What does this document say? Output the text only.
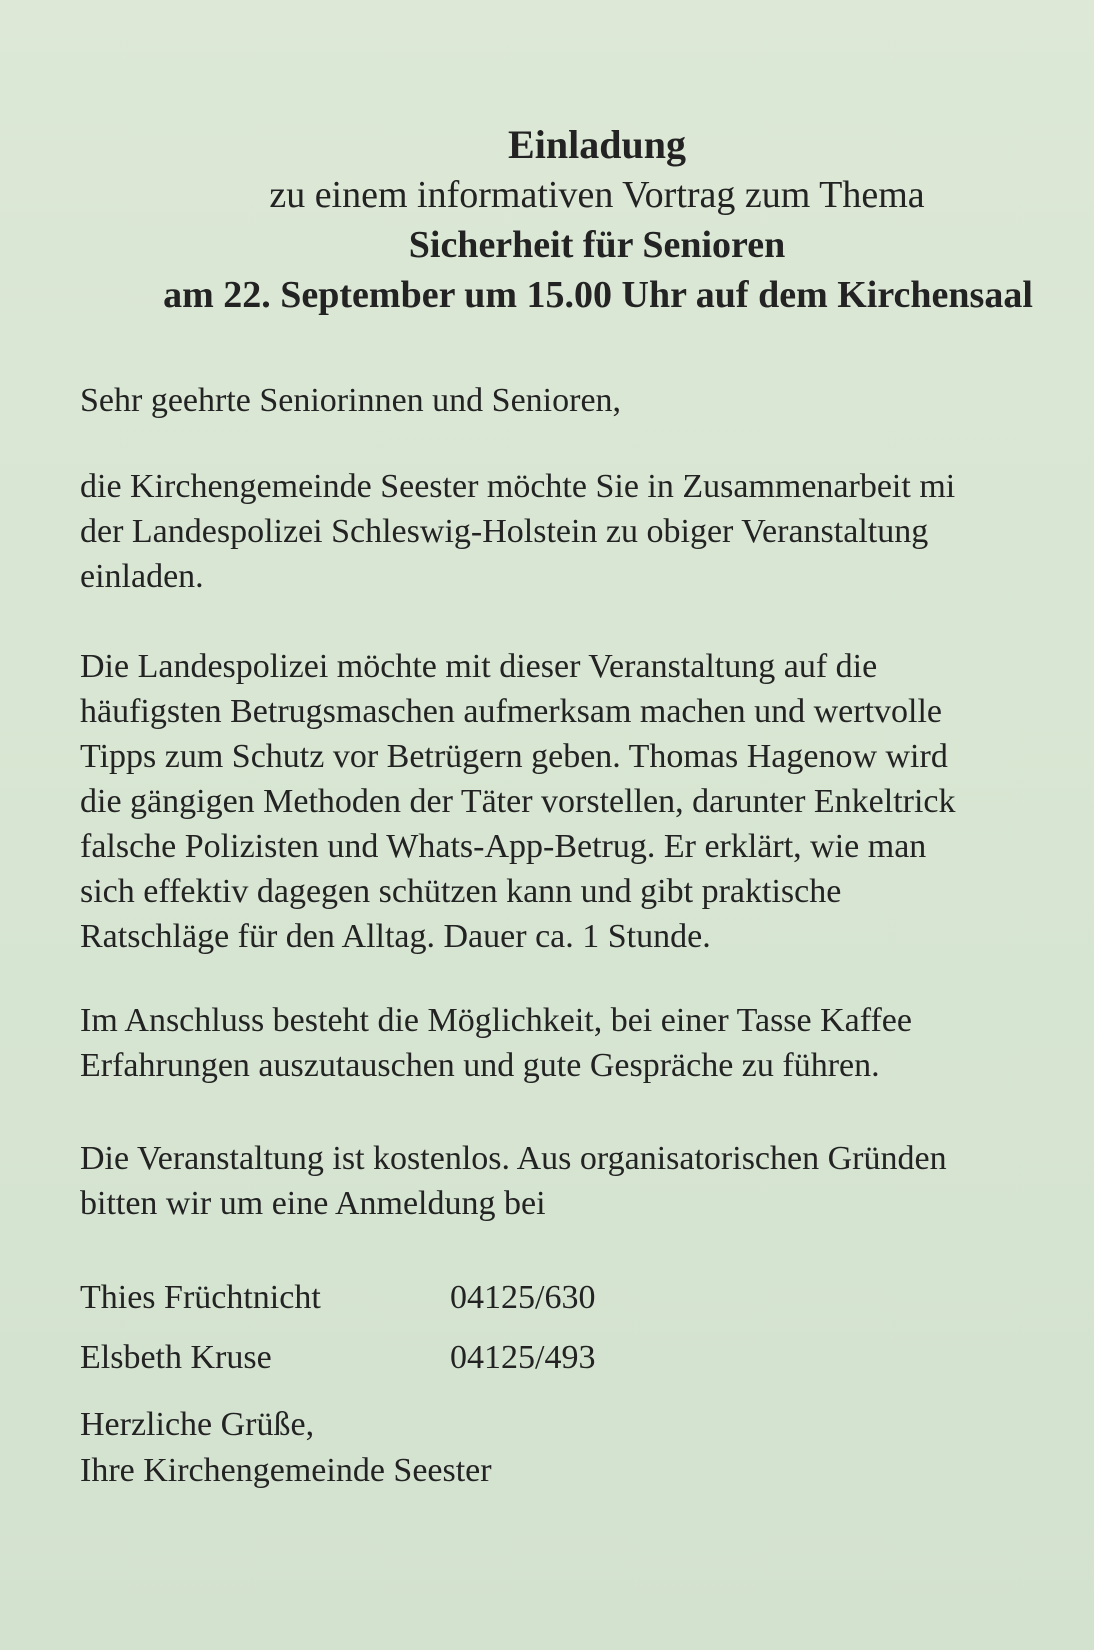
Einladung
zu einem informativen Vortrag zum Thema
Sicherheit für Senioren
am 22. September um 15.00 Uhr auf dem Kirchensaal

Sehr geehrte Seniorinnen und Senioren,

die Kirchengemeinde Seester möchte Sie in Zusammenarbeit mi

der Landespolizei Schleswig-Holstein zu obiger Veranstaltung

einladen.

Die Landespolizei möchte mit dieser Veranstaltung auf die

häufigsten Betrugsmaschen aufmerksam machen und wertvolle

Tipps zum Schutz vor Betrügern geben. Thomas Hagenow wird

die gängigen Methoden der Täter vorstellen, darunter Enkeltrick

falsche Polizisten und Whats-App-Betrug. Er erklärt, wie man

sich effektiv dagegen schützen kann und gibt praktische

Ratschläge für den Alltag. Dauer ca. 1 Stunde.

Im Anschluss besteht die Möglichkeit, bei einer Tasse Kaffee

Erfahrungen auszutauschen und gute Gespräche zu führen.

Die Veranstaltung ist kostenlos. Aus organisatorischen Gründen

bitten wir um eine Anmeldung bei

Thies Früchtnicht	04125/630
Elsbeth Kruse	04125/493
Herzliche Grüße,
Ihre Kirchengemeinde Seester
